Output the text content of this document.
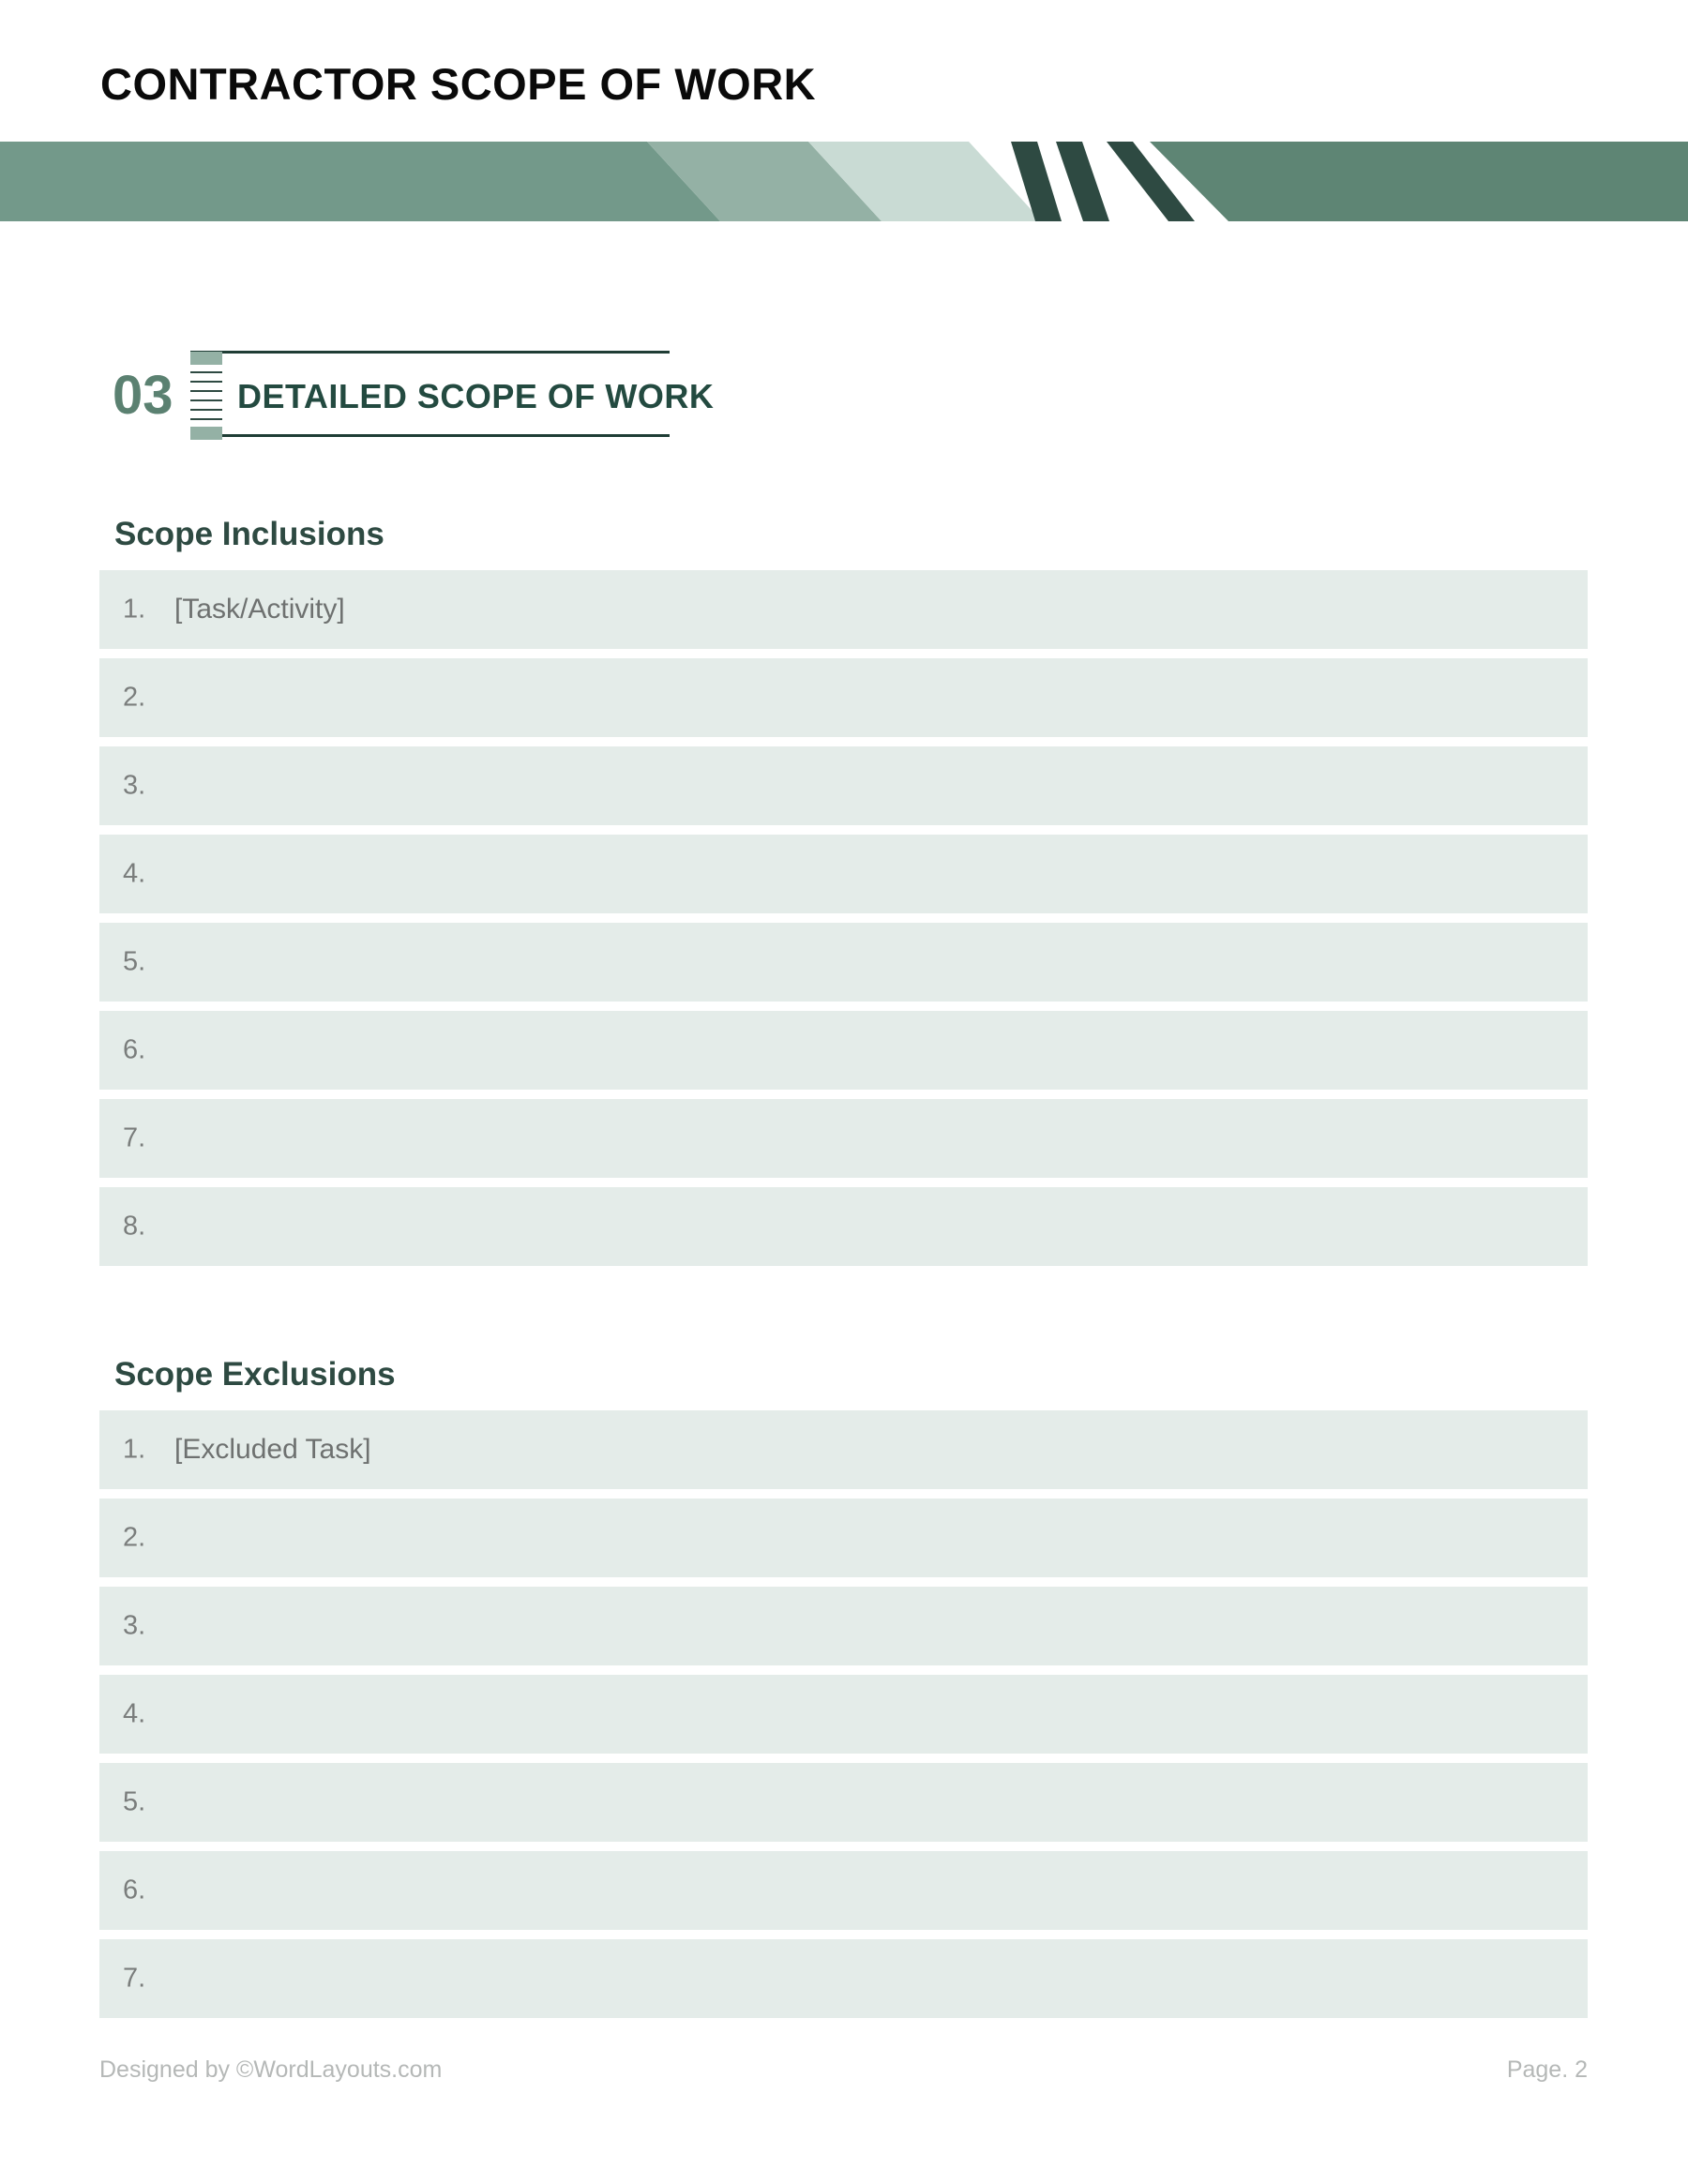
CONTRACTOR SCOPE OF WORK
03 DETAILED SCOPE OF WORK
Scope Inclusions
1. [Task/Activity]
2.
3.
4.
5.
6.
7.
8.
Scope Exclusions
1. [Excluded Task]
2.
3.
4.
5.
6.
7.
Designed by ©WordLayouts.com	Page. 2
